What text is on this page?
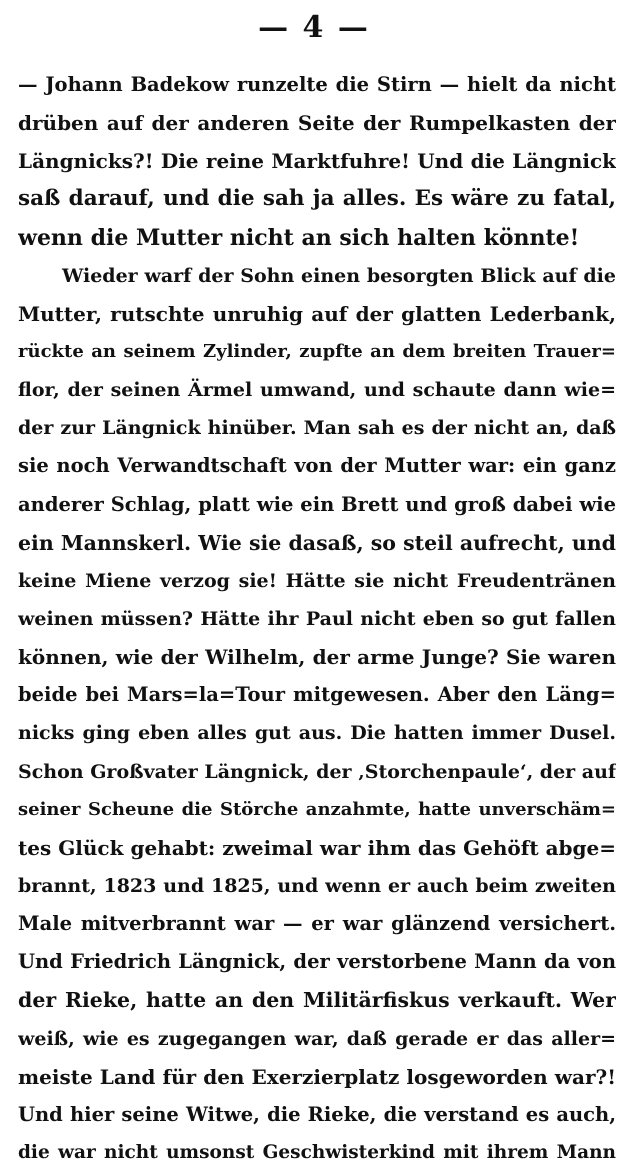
— 4 —
— Johann Badekow runzelte die Stirn — hielt da nicht
drüben auf der anderen Seite der Rumpelkasten der
Längnicks?! Die reine Marktfuhre! Und die Längnick
saß darauf, und die sah ja alles. Es wäre zu fatal,
wenn die Mutter nicht an sich halten könnte!
Wieder warf der Sohn einen besorgten Blick auf die
Mutter, rutschte unruhig auf der glatten Lederbank,
rückte an seinem Zylinder, zupfte an dem breiten Trauer=
flor, der seinen Ärmel umwand, und schaute dann wie=
der zur Längnick hinüber. Man sah es der nicht an, daß
sie noch Verwandtschaft von der Mutter war: ein ganz
anderer Schlag, platt wie ein Brett und groß dabei wie
ein Mannskerl. Wie sie dasaß, so steil aufrecht, und
keine Miene verzog sie! Hätte sie nicht Freudentränen
weinen müssen? Hätte ihr Paul nicht eben so gut fallen
können, wie der Wilhelm, der arme Junge? Sie waren
beide bei Mars=la=Tour mitgewesen. Aber den Läng=
nicks ging eben alles gut aus. Die hatten immer Dusel.
Schon Großvater Längnick, der ‚Storchenpaule‘, der auf
seiner Scheune die Störche anzahmte, hatte unverschäm=
tes Glück gehabt: zweimal war ihm das Gehöft abge=
brannt, 1823 und 1825, und wenn er auch beim zweiten
Male mitverbrannt war — er war glänzend versichert.
Und Friedrich Längnick, der verstorbene Mann da von
der Rieke, hatte an den Militärfiskus verkauft. Wer
weiß, wie es zugegangen war, daß gerade er das aller=
meiste Land für den Exerzierplatz losgeworden war?!
Und hier seine Witwe, die Rieke, die verstand es auch,
die war nicht umsonst Geschwisterkind mit ihrem Mann
